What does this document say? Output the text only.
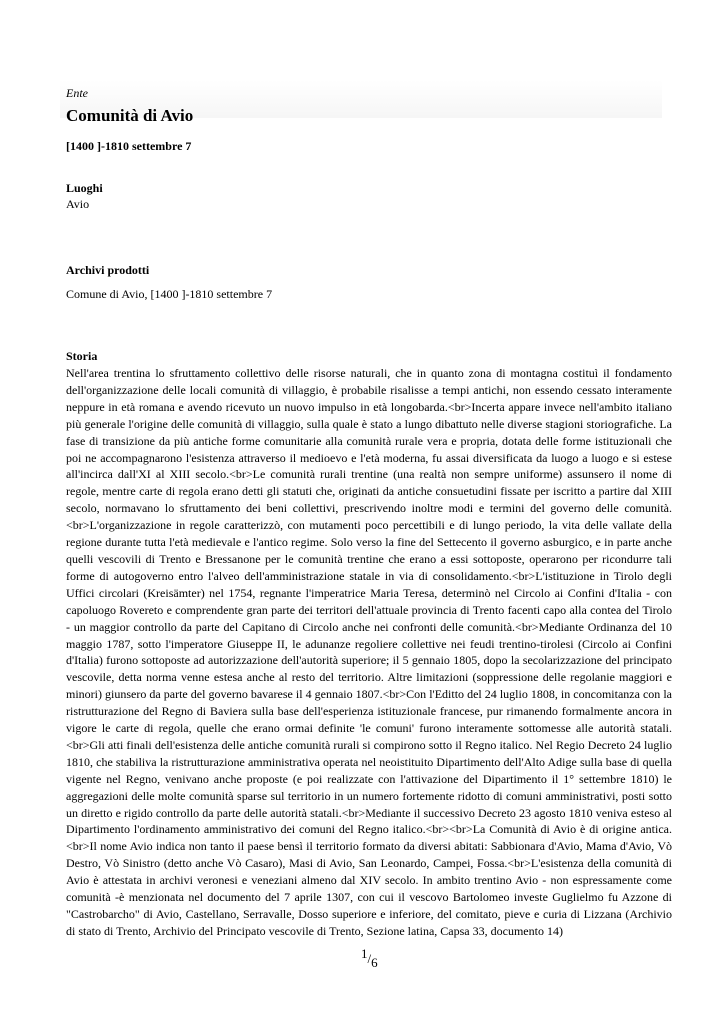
Ente
Comunità di Avio
[1400 ]-1810 settembre 7
Luoghi
Avio
Archivi prodotti
Comune di Avio, [1400 ]-1810 settembre 7
Storia
Nell'area trentina lo sfruttamento collettivo delle risorse naturali, che in quanto zona di montagna costituì il fondamento dell'organizzazione delle locali comunità di villaggio, è probabile risalisse a tempi antichi, non essendo cessato interamente neppure in età romana e avendo ricevuto un nuovo impulso in età longobarda.<br>Incerta appare invece nell'ambito italiano più generale l'origine delle comunità di villaggio, sulla quale è stato a lungo dibattuto nelle diverse stagioni storiografiche. La fase di transizione da più antiche forme comunitarie alla comunità rurale vera e propria, dotata delle forme istituzionali che poi ne accompagnarono l'esistenza attraverso il medioevo e l'età moderna, fu assai diversificata da luogo a luogo e si estese all'incirca dall'XI al XIII secolo.<br>Le comunità rurali trentine (una realtà non sempre uniforme) assunsero il nome di regole, mentre carte di regola erano detti gli statuti che, originati da antiche consuetudini fissate per iscritto a partire dal XIII secolo, normavano lo sfruttamento dei beni collettivi, prescrivendo inoltre modi e termini del governo delle comunità.<br>L'organizzazione in regole caratterizzò, con mutamenti poco percettibili e di lungo periodo, la vita delle vallate della regione durante tutta l'età medievale e l'antico regime. Solo verso la fine del Settecento il governo asburgico, e in parte anche quelli vescovili di Trento e Bressanone per le comunità trentine che erano a essi sottoposte, operarono per ricondurre tali forme di autogoverno entro l'alveo dell'amministrazione statale in via di consolidamento.<br>L'istituzione in Tirolo degli Uffici circolari (Kreisämter) nel 1754, regnante l'imperatrice Maria Teresa, determinò nel Circolo ai Confini d'Italia - con capoluogo Rovereto e comprendente gran parte dei territori dell'attuale provincia di Trento facenti capo alla contea del Tirolo - un maggior controllo da parte del Capitano di Circolo anche nei confronti delle comunità.<br>Mediante Ordinanza del 10 maggio 1787, sotto l'imperatore Giuseppe II, le adunanze regoliere collettive nei feudi trentino-tirolesi (Circolo ai Confini d'Italia) furono sottoposte ad autorizzazione dell'autorità superiore; il 5 gennaio 1805, dopo la secolarizzazione del principato vescovile, detta norma venne estesa anche al resto del territorio. Altre limitazioni (soppressione delle regolanie maggiori e minori) giunsero da parte del governo bavarese il 4 gennaio 1807.<br>Con l'Editto del 24 luglio 1808, in concomitanza con la ristrutturazione del Regno di Baviera sulla base dell'esperienza istituzionale francese, pur rimanendo formalmente ancora in vigore le carte di regola, quelle che erano ormai definite 'le comuni' furono interamente sottomesse alle autorità statali.<br>Gli atti finali dell'esistenza delle antiche comunità rurali si compirono sotto il Regno italico. Nel Regio Decreto 24 luglio 1810, che stabiliva la ristrutturazione amministrativa operata nel neoistituito Dipartimento dell'Alto Adige sulla base di quella vigente nel Regno, venivano anche proposte (e poi realizzate con l'attivazione del Dipartimento il 1° settembre 1810) le aggregazioni delle molte comunità sparse sul territorio in un numero fortemente ridotto di comuni amministrativi, posti sotto un diretto e rigido controllo da parte delle autorità statali.<br>Mediante il successivo Decreto 23 agosto 1810 veniva esteso al Dipartimento l'ordinamento amministrativo dei comuni del Regno italico.<br><br>La Comunità di Avio è di origine antica. <br>Il nome Avio indica non tanto il paese bensì il territorio formato da diversi abitati: Sabbionara d'Avio, Mama d'Avio, Vò Destro, Vò Sinistro (detto anche Vò Casaro), Masi di Avio, San Leonardo, Campei, Fossa.<br>L'esistenza della comunità di Avio è attestata in archivi veronesi e veneziani almeno dal XIV secolo. In ambito trentino Avio - non espressamente come comunità -è menzionata nel documento del 7 aprile 1307, con cui il vescovo Bartolomeo investe Guglielmo fu Azzone di "Castrobarcho" di Avio, Castellano, Serravalle, Dosso superiore e inferiore, del comitato, pieve e curia di Lizzana (Archivio di stato di Trento, Archivio del Principato vescovile di Trento, Sezione latina, Capsa 33, documento 14)
1/6
